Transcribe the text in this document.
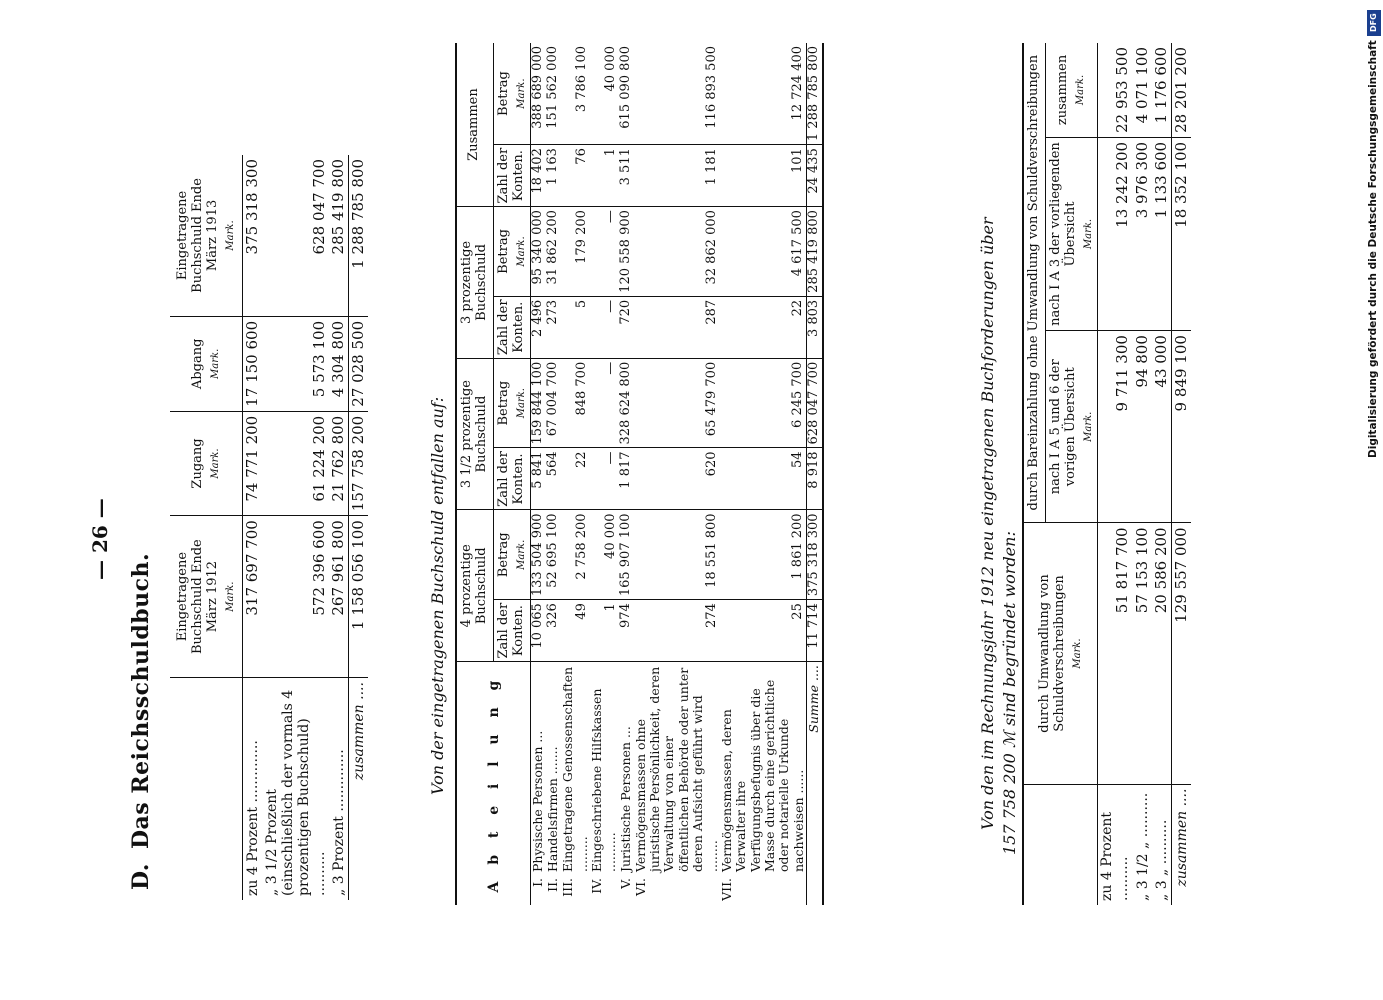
— 26 —
D.Das Reichsschuldbuch.
	Eingetragene Buchschuld Ende März 1912 Mark.	Zugang Mark.	Abgang Mark.	Eingetragene Buchschuld Ende März 1913 Mark.

zu 4 Prozent ..............	317 697 700	74 771 200	17 150 600	375 318 300
„ 3 1/2 Prozent (einschließlich der vormals 4 prozentigen Buchschuld) ..........	572 396 600	61 224 200	5 573 100	628 047 700
„ 3 Prozent ..............	267 961 800	21 762 800	4 304 800	285 419 800
zusammen ....	1 158 056 100	157 758 200	27 028 500	1 288 785 800
Von der eingetragenen Buchschuld entfallen auf:	A b t e i l u n g		4 prozentige Buchschuld		3 1/2 prozentige Buchschuld		3 prozentige Buchschuld		Zusammen	
		Zahl der Konten.	Betrag Mark.	Zahl der Konten.	Betrag Mark.	Zahl der Konten.	Betrag Mark.	Zahl der Konten.	Betrag Mark.

I.	Physische Personen ...	10 065	133 504 900	5 841	159 844 100	2 496	95 340 000	18 402	388 689 000
II.	Handelsfirmen .......	326	52 695 100	564	67 004 700	273	31 862 200	1 163	151 562 000
III.	Eingetragene Genossenschaften .........	49	2 758 200	22	848 700	5	179 200	76	3 786 100
IV.	Eingeschriebene Hilfskassen ..........	1	40 000	—	—	—	—	1	40 000
V.	Juristische Personen ...	974	165 907 100	1 817	328 624 800	720	120 558 900	3 511	615 090 800
VI.	Vermögensmassen ohne juristische Persönlichkeit, deren Verwaltung von einer öffentlichen Behörde oder unter deren Aufsicht geführt wird ........	274	18 551 800	620	65 479 700	287	32 862 000	1 181	116 893 500
VII.	Vermögensmassen, deren Verwalter ihre Verfügungsbefugnis über die Masse durch eine gerichtliche oder notarielle Urkunde nachweisen ......	25	1 861 200	54	6 245 700	22	4 617 500	101	12 724 400
	Summe ....	11 714	375 318 300	8 918	628 047 700	3 803	285 419 800	24 435	1 288 785 800
Von den im Rechnungsjahr 1912 neu eingetragenen Buchforderungen über 157 758 200 ℳ sind begründet worden:
	durch Umwandlung von Schuldverschreibungen Mark.	durch Bareinzahlung ohne Umwandlung von Schuldverschreibungen		
		nach I A 5 und 6 der vorigen Übersicht Mark.	nach I A 3 der vorliegenden Übersicht Mark.	zusammen Mark.

zu 4 Prozent ..........	51 817 700	9 711 300	13 242 200	22 953 500
„ 3 1/2 „ ..........	57 153 100	94 800	3 976 300	4 071 100
„ 3 „ ..........	20 586 200	43 000	1 133 600	1 176 600
zusammen ....	129 557 000	9 849 100	18 352 100	28 201 200
DFG
Digitalisierung gefördert durch die Deutsche Forschungsgemeinschaft
